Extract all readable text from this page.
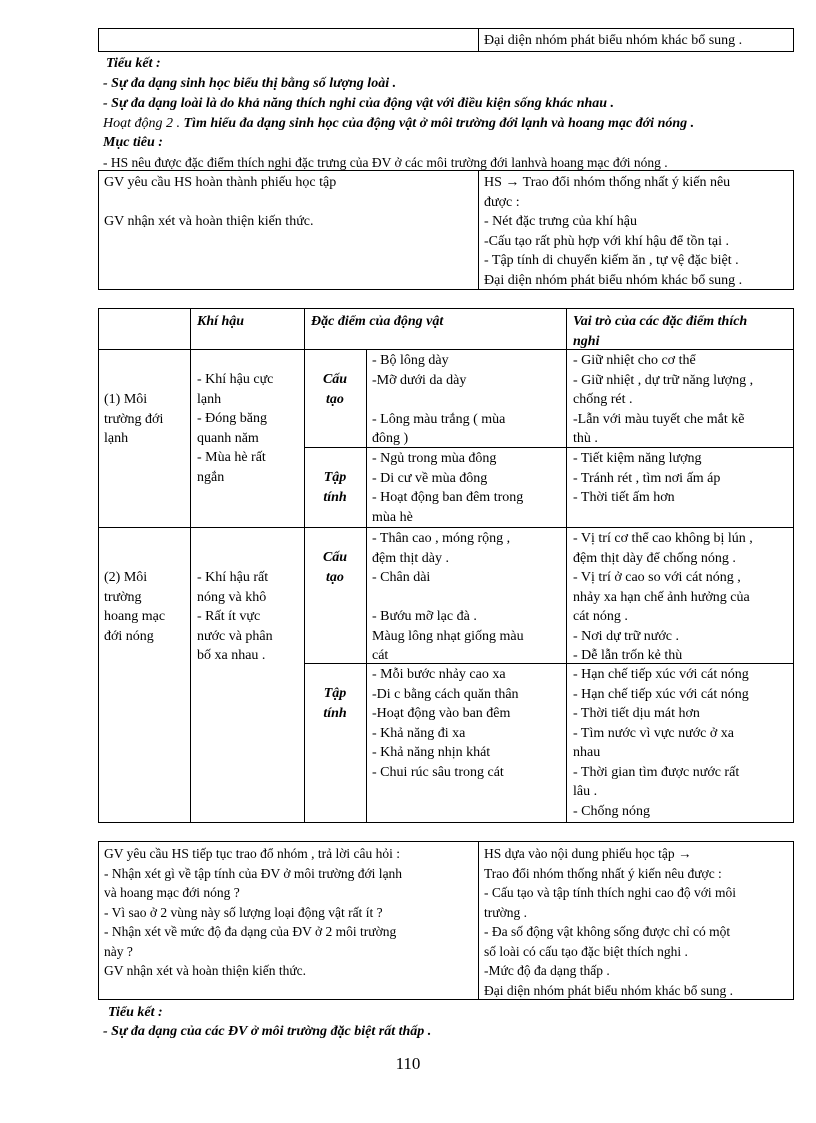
Đại diện nhóm phát biểu nhóm khác bổ sung .
Tiểu kết :
- Sự đa dạng sinh học biểu thị bằng số lượng loài .
- Sự đa dạng loài là do khả năng thích nghi của động vật với điều kiện sống khác nhau .
Hoạt động 2 . Tìm hiểu đa dạng sinh học của động vật ở môi trường đới lạnh và hoang mạc đới nóng .
Mục tiêu :
- HS nêu được đặc điểm thích nghi đặc trưng của ĐV ở các môi trường đới lanhvà hoang mạc đới nóng .
GV yêu cầu HS hoàn thành phiếu học tập
GV nhận xét và hoàn thiện kiến thức.
HS → Trao đổi nhóm thống nhất ý kiến nêu
được :
- Nét đặc trưng của khí hậu
-Cấu tạo rất phù hợp với khí hậu để tồn tại .
- Tập tính di chuyển kiếm ăn , tự vệ đặc biệt .
Đại diện nhóm phát biểu nhóm khác bổ sung .
Khí hậu	Đặc điểm của động vật	Vai trò của các đặc điểm thích
nghi
(1) Môi
trường đới
lạnh
- Khí hậu cực
lạnh
- Đóng băng
quanh năm
- Mùa hè rất
ngắn
Cấu
tạo
- Bộ lông dày
-Mỡ dưới da dày
- Lông màu trắng ( mùa
đông )
- Giữ nhiệt cho cơ thể
- Giữ nhiệt , dự trữ năng lượng ,
chống rét .
-Lẫn với màu tuyết che mắt kẽ
thù .
Tập
tính
- Ngủ trong mùa đông
- Di cư về mùa đông
- Hoạt động ban đêm trong
mùa hè
- Tiết kiệm năng lượng
- Tránh rét , tìm nơi ấm áp
- Thời tiết ấm hơn
(2) Môi
trường
hoang mạc
đới nóng
- Khí hậu rất
nóng và khô
- Rất ít vực
nước và phân
bố xa nhau .
Cấu
tạo
- Thân cao , móng rộng ,
đệm thịt dày .
- Chân dài
- Bướu mỡ lạc đà .
Màug lông nhạt giống màu
cát
- Vị trí cơ thể cao không bị lún ,
đệm thịt dày để chống nóng .
- Vị trí ở cao so với cát nóng ,
nhảy xa hạn chế ảnh hưởng của
cát nóng .
- Nơi dự trữ nước .
- Dễ lẫn trốn kẻ thù
Tập
tính
- Mỗi bước nhảy cao xa
-Di c bằng cách quăn thân
-Hoạt động vào ban đêm
- Khả năng đi xa
- Khả năng nhịn khát
- Chui rúc sâu trong cát
- Hạn chế tiếp xúc với cát nóng
- Hạn chế tiếp xúc với cát nóng
- Thời tiết dịu mát hơn
- Tìm nước vì vực nước ở xa
nhau
- Thời gian tìm được nước rất
lâu .
- Chống nóng
GV yêu cầu HS tiếp tục trao đổ nhóm , trả lời câu hỏi :
- Nhận xét gì về tập tính của ĐV ở môi trường đới lạnh
và hoang mạc đới nóng ?
- Vì sao ở 2 vùng này số lượng loại động vật rất ít ?
- Nhận xét về mức độ đa dạng của ĐV ở 2 môi trường
này ?
GV nhận xét và hoàn thiện kiến thức.
HS dựa vào nội dung phiếu học tập →
Trao đổi nhóm thống nhất ý kiến nêu được :
- Cấu tạo và tập tính thích nghi cao độ với môi
trường .
- Đa số động vật không sống được chỉ có một
số loài có cấu tạo đặc biệt thích nghi .
-Mức độ đa dạng thấp .
Đại diện nhóm phát biểu nhóm khác bổ sung .
Tiểu kết :
- Sự đa dạng của các ĐV ở môi trường đặc biệt rất thấp .
110
